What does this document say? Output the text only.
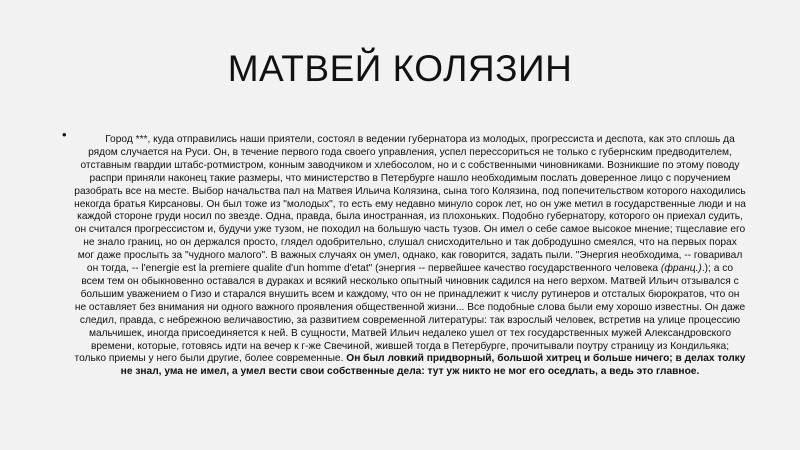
МАТВЕЙ КОЛЯЗИН
•	Город ***, куда отправились наши приятели, состоял в ведении губернатора из молодых, прогрессиста и деспота, как это сплошь да рядом случается на Руси. Он, в течение первого года своего управления, успел перессориться не только с губернским предводителем, отставным гвардии штабс-ротмистром, конным заводчиком и хлебосолом, но и с собственными чиновниками. Возникшие по этому поводу распри приняли наконец такие размеры, что министерство в Петербурге нашло необходимым послать доверенное лицо с поручением разобрать все на месте. Выбор начальства пал на Матвея Ильича Колязина, сына того Колязина, под попечительством которого находились некогда братья Кирсановы. Он был тоже из "молодых", то есть ему недавно минуло сорок лет, но он уже метил в государственные люди и на каждой стороне груди носил по звезде. Одна, правда, была иностранная, из плохоньких. Подобно губернатору, которого он приехал судить, он считался прогрессистом и, будучи уже тузом, не походил на большую часть тузов. Он имел о себе самое высокое мнение; тщеславие его не знало границ, но он держался просто, глядел одобрительно, слушал снисходительно и так добродушно смеялся, что на первых порах мог даже прослыть за "чудного малого". В важных случаях он умел, однако, как говорится, задать пыли. "Энергия необходима, -- говаривал он тогда, -- l'energie est la premiere qualite d'un homme d'etat" (энергия -- первейшее качество государственного человека (франц.).); а со всем тем он обыкновенно оставался в дураках и всякий несколько опытный чиновник садился на него верхом. Матвей Ильич отзывался с большим уважением о Гизо и старался внушить всем и каждому, что он не принадлежит к числу рутинеров и отсталых бюрократов, что он не оставляет без внимания ни одного важного проявления общественной жизни... Все подобные слова были ему хорошо известны. Он даже следил, правда, с небрежною величавостию, за развитием современной литературы: так взрослый человек, встретив на улице процессию мальчишек, иногда присоединяется к ней. В сущности, Матвей Ильич недалеко ушел от тех государственных мужей Александровского времени, которые, готовясь идти на вечер к г-же Свечиной, жившей тогда в Петербурге, прочитывали поутру страницу из Кондильяка; только приемы у него были другие, более современные. Он был ловкий придворный, большой хитрец и больше ничего; в делах толку не знал, ума не имел, а умел вести свои собственные дела: тут уж никто не мог его оседлать, а ведь это главное.
